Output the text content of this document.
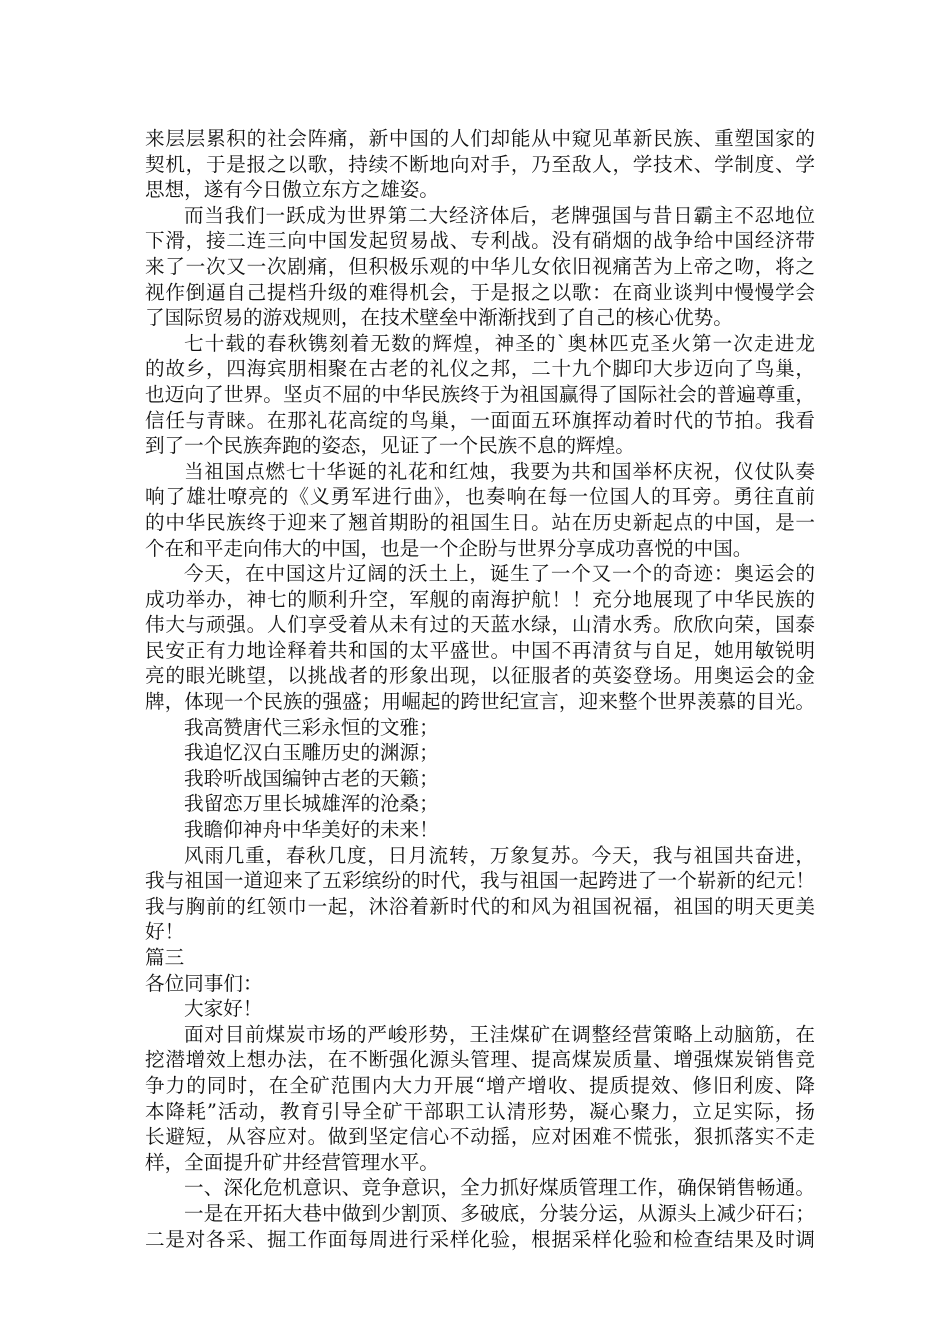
来层层累积的社会阵痛，新中国的人们却能从中窥见革新民族、重塑国家的
契机，于是报之以歌，持续不断地向对手，乃至敌人，学技术、学制度、学
思想，遂有今日傲立东方之雄姿。
而当我们一跃成为世界第二大经济体后，老牌强国与昔日霸主不忍地位
下滑，接二连三向中国发起贸易战、专利战。没有硝烟的战争给中国经济带
来了一次又一次剧痛，但积极乐观的中华儿女依旧视痛苦为上帝之吻，将之
视作倒逼自己提档升级的难得机会，于是报之以歌：在商业谈判中慢慢学会
了国际贸易的游戏规则，在技术壁垒中渐渐找到了自己的核心优势。
七十载的春秋镌刻着无数的辉煌，神圣的`奥林匹克圣火第一次走进龙
的故乡，四海宾朋相聚在古老的礼仪之邦，二十九个脚印大步迈向了鸟巢，
也迈向了世界。坚贞不屈的中华民族终于为祖国赢得了国际社会的普遍尊重，
信任与青睐。在那礼花高绽的鸟巢，一面面五环旗挥动着时代的节拍。我看
到了一个民族奔跑的姿态，见证了一个民族不息的辉煌。
当祖国点燃七十华诞的礼花和红烛，我要为共和国举杯庆祝，仪仗队奏
响了雄壮嘹亮的《义勇军进行曲》，也奏响在每一位国人的耳旁。勇往直前
的中华民族终于迎来了翘首期盼的祖国生日。站在历史新起点的中国，是一
个在和平走向伟大的中国，也是一个企盼与世界分享成功喜悦的中国。
今天，在中国这片辽阔的沃土上，诞生了一个又一个的奇迹：奥运会的
成功举办，神七的顺利升空，军舰的南海护航！！充分地展现了中华民族的
伟大与顽强。人们享受着从未有过的天蓝水绿，山清水秀。欣欣向荣，国泰
民安正有力地诠释着共和国的太平盛世。中国不再清贫与自足，她用敏锐明
亮的眼光眺望，以挑战者的形象出现，以征服者的英姿登场。用奥运会的金
牌，体现一个民族的强盛；用崛起的跨世纪宣言，迎来整个世界羡慕的目光。
我高赞唐代三彩永恒的文雅；
我追忆汉白玉雕历史的渊源；
我聆听战国编钟古老的天籁；
我留恋万里长城雄浑的沧桑；
我瞻仰神舟中华美好的未来！
风雨几重，春秋几度，日月流转，万象复苏。今天，我与祖国共奋进，
我与祖国一道迎来了五彩缤纷的时代，我与祖国一起跨进了一个崭新的纪元！
我与胸前的红领巾一起，沐浴着新时代的和风为祖国祝福，祖国的明天更美
好！
篇三
各位同事们：
大家好！
面对目前煤炭市场的严峻形势，王洼煤矿在调整经营策略上动脑筋，在
挖潜增效上想办法，在不断强化源头管理、提高煤炭质量、增强煤炭销售竞
争力的同时，在全矿范围内大力开展“增产增收、提质提效、修旧利废、降
本降耗”活动，教育引导全矿干部职工认清形势，凝心聚力，立足实际，扬
长避短，从容应对。做到坚定信心不动摇，应对困难不慌张，狠抓落实不走
样，全面提升矿井经营管理水平。
一、深化危机意识、竞争意识，全力抓好煤质管理工作，确保销售畅通。
一是在开拓大巷中做到少割顶、多破底，分装分运，从源头上减少矸石；
二是对各采、掘工作面每周进行采样化验，根据采样化验和检查结果及时调
